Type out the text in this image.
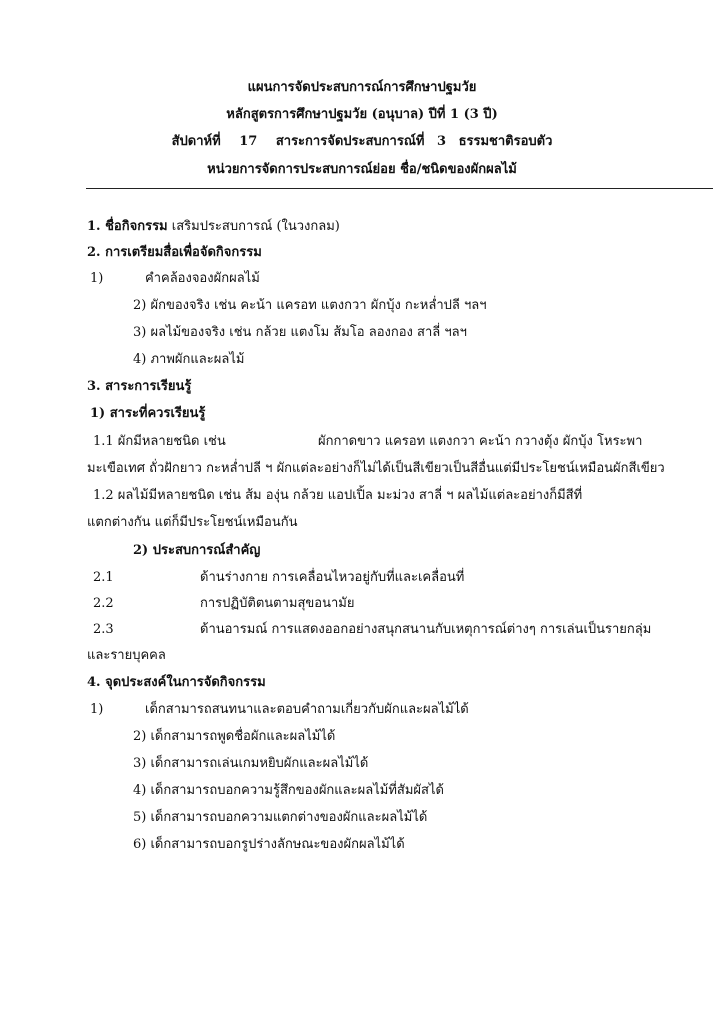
แผนการจัดประสบการณ์การศึกษาปฐมวัย
หลักสูตรการศึกษาปฐมวัย (อนุบาล) ปีที่ 1 (3 ปี)
สัปดาห์ที่ 17 สาระการจัดประสบการณ์ที่ 3 ธรรมชาติรอบตัว
หน่วยการจัดการประสบการณ์ย่อย ชื่อ/ชนิดของผักผลไม้
1. ชื่อกิจกรรม เสริมประสบการณ์ (ในวงกลม)
2. การเตรียมสื่อเพื่อจัดกิจกรรม
1)	คำคล้องจองผักผลไม้
2) ผักของจริง เช่น คะน้า แครอท แตงกวา ผักบุ้ง กะหล่ำปลี ฯลฯ
3) ผลไม้ของจริง เช่น กล้วย แตงโม ส้มโอ ลองกอง สาลี่ ฯลฯ
4) ภาพผักและผลไม้
3. สาระการเรียนรู้
1) สาระที่ควรเรียนรู้
1.1 ผักมีหลายชนิด เช่น	ผักกาดขาว แครอท แตงกวา คะน้า กวางตุ้ง ผักบุ้ง โหระพา
มะเขือเทศ ถั่วฝักยาว กะหล่ำปลี ฯ ผักแต่ละอย่างก็ไม่ได้เป็นสีเขียวเป็นสีอื่นแต่มีประโยชน์เหมือนผักสีเขียว
1.2 ผลไม้มีหลายชนิด เช่น ส้ม องุ่น กล้วย แอปเปิ้ล มะม่วง สาลี่ ฯ ผลไม้แต่ละอย่างก็มีสีที่
แตกต่างกัน แต่ก็มีประโยชน์เหมือนกัน
2) ประสบการณ์สำคัญ
2.1	ด้านร่างกาย การเคลื่อนไหวอยู่กับที่และเคลื่อนที่
2.2	การปฏิบัติตนตามสุขอนามัย
2.3	ด้านอารมณ์ การแสดงออกอย่างสนุกสนานกับเหตุการณ์ต่างๆ การเล่นเป็นรายกลุ่ม
และรายบุคคล
4. จุดประสงค์ในการจัดกิจกรรม
1)	เด็กสามารถสนทนาและตอบคำถามเกี่ยวกับผักและผลไม้ได้
2) เด็กสามารถพูดชื่อผักและผลไม้ได้
3) เด็กสามารถเล่นเกมหยิบผักและผลไม้ได้
4) เด็กสามารถบอกความรู้สึกของผักและผลไม้ที่สัมผัสได้
5) เด็กสามารถบอกความแตกต่างของผักและผลไม้ได้
6) เด็กสามารถบอกรูปร่างลักษณะของผักผลไม้ได้
